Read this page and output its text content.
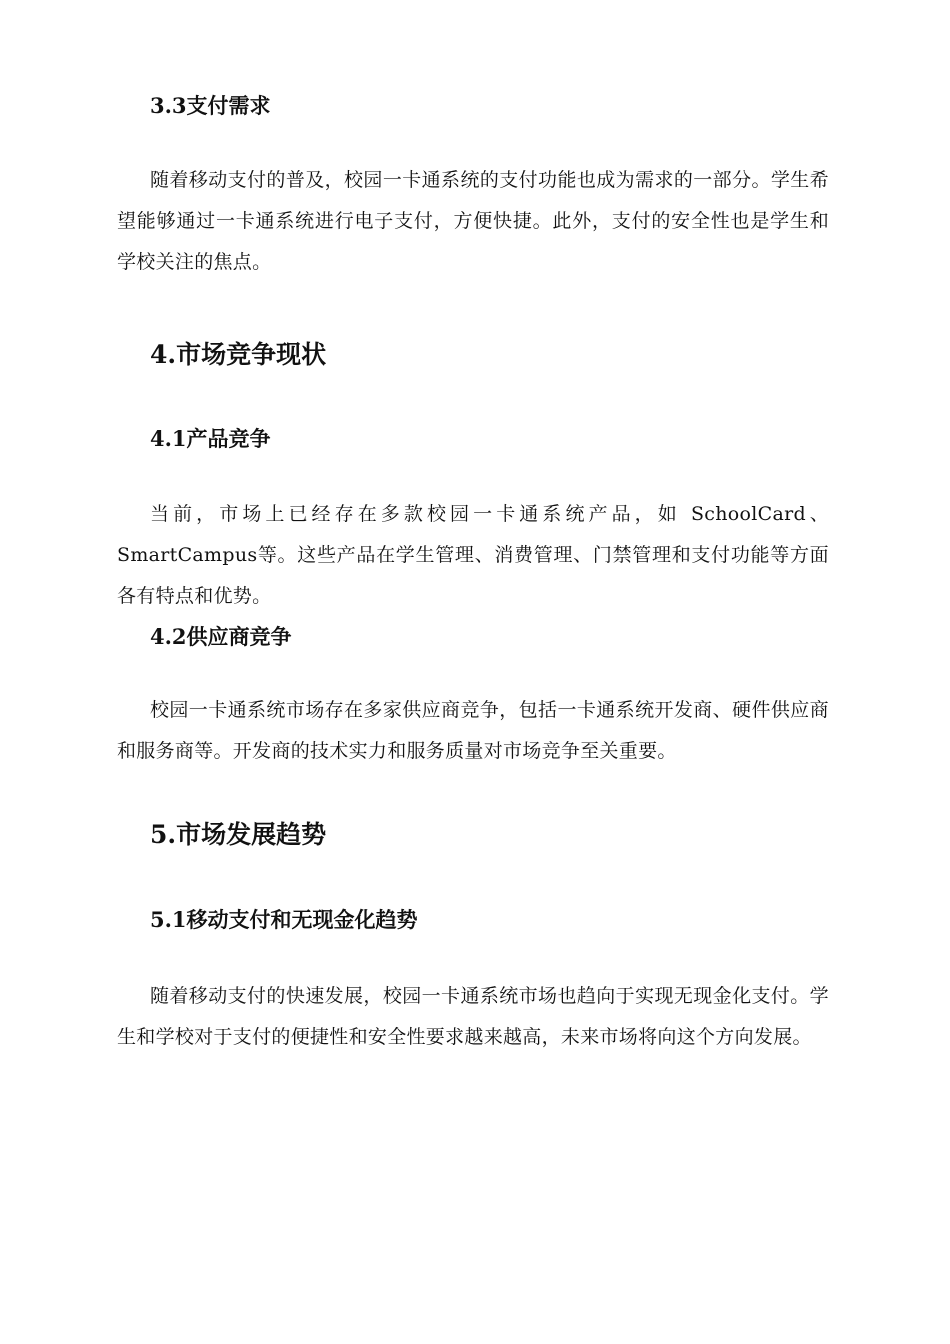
3.3支付需求

随着移动支付的普及，校园一卡通系统的支付功能也成为需求的一部分。学生希望能够通过一卡通系统进行电子支付，方便快捷。此外，支付的安全性也是学生和学校关注的焦点。

4.市场竞争现状
4.1产品竞争

当前，市场上已经存在多款校园一卡通系统产品，如 SchoolCard、SmartCampus等。这些产品在学生管理、消费管理、门禁管理和支付功能等方面各有特点和优势。

4.2供应商竞争

校园一卡通系统市场存在多家供应商竞争，包括一卡通系统开发商、硬件供应商和服务商等。开发商的技术实力和服务质量对市场竞争至关重要。

5.市场发展趋势
5.1移动支付和无现金化趋势

随着移动支付的快速发展，校园一卡通系统市场也趋向于实现无现金化支付。学生和学校对于支付的便捷性和安全性要求越来越高，未来市场将向这个方向发展。
